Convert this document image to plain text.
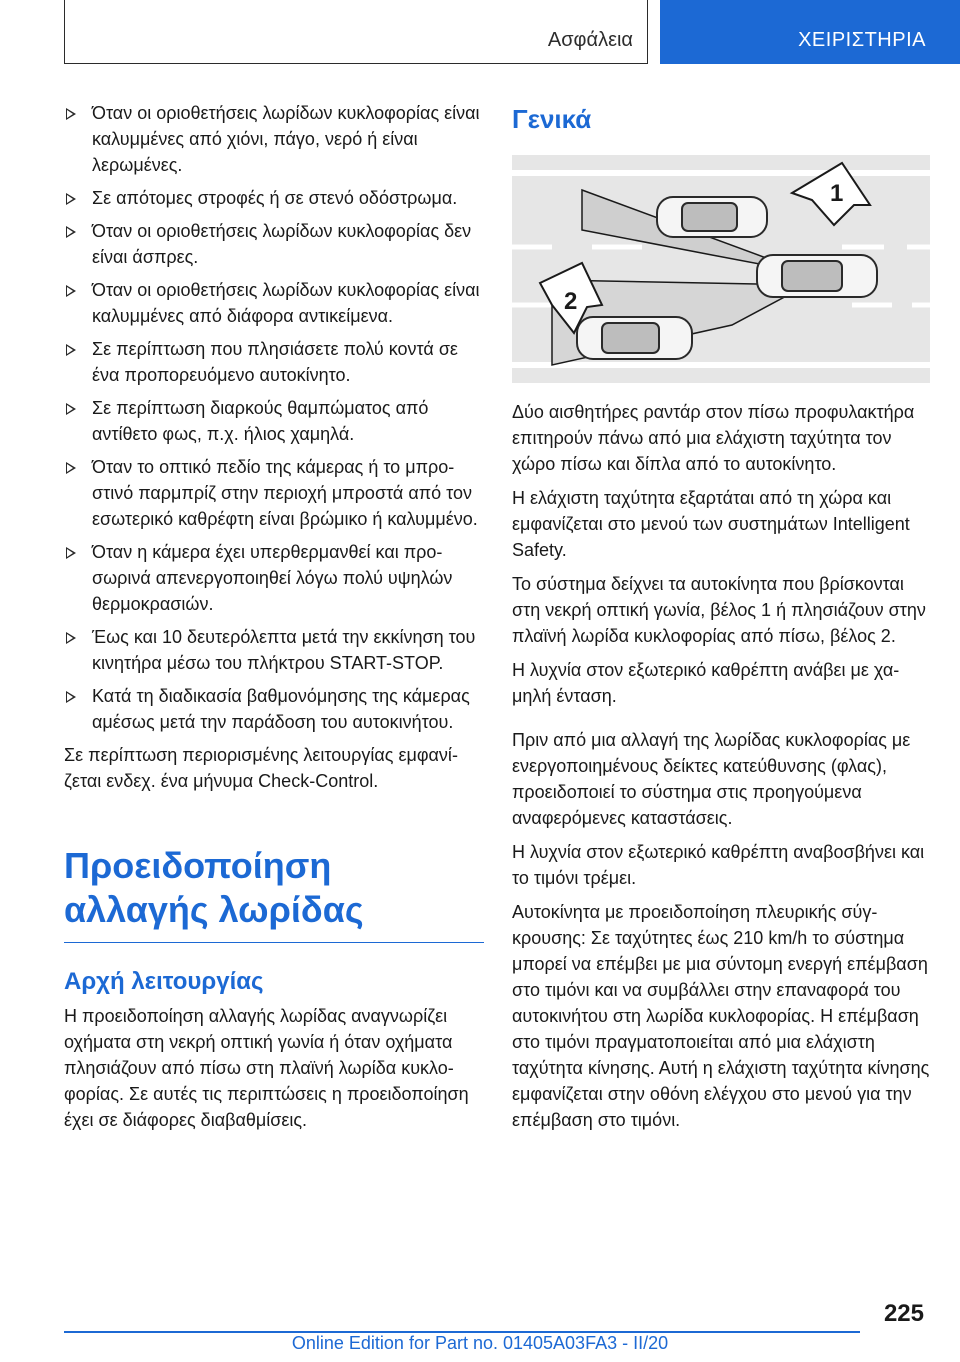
Ασφάλεια	ΧΕΙΡΙΣΤΗΡΙΑ
Όταν οι οριοθετήσεις λωρίδων κυκλοφορίας είναι καλυμμένες από χιόνι, πάγο, νερό ή είναι λερωμένες.
Σε απότομες στροφές ή σε στενό οδόστρωμα.
Όταν οι οριοθετήσεις λωρίδων κυκλοφορίας δεν είναι άσπρες.
Όταν οι οριοθετήσεις λωρίδων κυκλοφορίας είναι καλυμμένες από διάφορα αντικείμενα.
Σε περίπτωση που πλησιάσετε πολύ κοντά σε ένα προπορευόμενο αυτοκίνητο.
Σε περίπτωση διαρκούς θαμπώματος από αντίθετο φως, π.χ. ήλιος χαμηλά.
Όταν το οπτικό πεδίο της κάμερας ή το μπροστινό παρμπρίζ στην περιοχή μπροστά από τον εσωτερικό καθρέφτη είναι βρώμικο ή καλυμμένο.
Όταν η κάμερα έχει υπερθερμανθεί και προσωρινά απενεργοποιηθεί λόγω πολύ υψηλών θερμοκρασιών.
Έως και 10 δευτερόλεπτα μετά την εκκίνηση του κινητήρα μέσω του πλήκτρου START-STOP.
Κατά τη διαδικασία βαθμονόμησης της κάμερας αμέσως μετά την παράδοση του αυτοκινήτου.

Σε περίπτωση περιορισμένης λειτουργίας εμφανίζεται ενδεχ. ένα μήνυμα Check-Control.

Προειδοποίηση αλλαγής λωρίδας
Αρχή λειτουργίας

Η προειδοποίηση αλλαγής λωρίδας αναγνωρίζει οχήματα στη νεκρή οπτική γωνία ή όταν οχήματα πλησιάζουν από πίσω στη πλαϊνή λωρίδα κυκλοφορίας. Σε αυτές τις περιπτώσεις η προειδοποίηση έχει σε διάφορες διαβαθμίσεις.

Γενικά
1
2

Δύο αισθητήρες ραντάρ στον πίσω προφυλακτήρα επιτηρούν πάνω από μια ελάχιστη ταχύτητα τον χώρο πίσω και δίπλα από το αυτοκίνητο.

Η ελάχιστη ταχύτητα εξαρτάται από τη χώρα και εμφανίζεται στο μενού των συστημάτων Intelligent Safety.

Το σύστημα δείχνει τα αυτοκίνητα που βρίσκονται στη νεκρή οπτική γωνία, βέλος 1 ή πλησιάζουν στην πλαϊνή λωρίδα κυκλοφορίας από πίσω, βέλος 2.

Η λυχνία στον εξωτερικό καθρέπτη ανάβει με χαμηλή ένταση.

Πριν από μια αλλαγή της λωρίδας κυκλοφορίας με ενεργοποιημένους δείκτες κατεύθυνσης (φλας), προειδοποιεί το σύστημα στις προηγούμενα αναφερόμενες καταστάσεις.

Η λυχνία στον εξωτερικό καθρέπτη αναβοσβήνει και το τιμόνι τρέμει.

Αυτοκίνητα με προειδοποίηση πλευρικής σύγκρουσης: Σε ταχύτητες έως 210 km/h το σύστημα μπορεί να επέμβει με μια σύντομη ενεργή επέμβαση στο τιμόνι και να συμβάλλει στην επαναφορά του αυτοκινήτου στη λωρίδα κυκλοφορίας. Η επέμβαση στο τιμόνι πραγματοποιείται από μια ελάχιστη ταχύτητα κίνησης. Αυτή η ελάχιστη ταχύτητα κίνησης εμφανίζεται στην οθόνη ελέγχου στο μενού για την επέμβαση στο τιμόνι.

225
Online Edition for Part no. 01405A03FA3 - II/20
